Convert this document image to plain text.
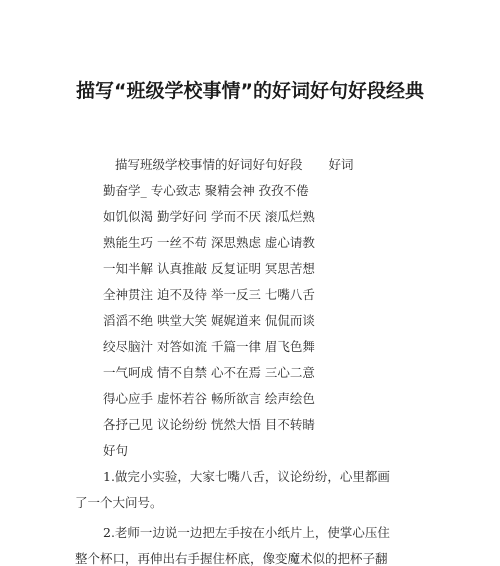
描写“班级学校事情”的好词好句好段经典
描写班级学校事情的好词好句好段 好词
勤奋学_ 专心致志 聚精会神 孜孜不倦
如饥似渴 勤学好问 学而不厌 滚瓜烂熟
熟能生巧 一丝不苟 深思熟虑 虚心请教
一知半解 认真推敲 反复证明 冥思苦想
全神贯注 迫不及待 举一反三 七嘴八舌
滔滔不绝 哄堂大笑 娓娓道来 侃侃而谈
绞尽脑汁 对答如流 千篇一律 眉飞色舞
一气呵成 情不自禁 心不在焉 三心二意
得心应手 虚怀若谷 畅所欲言 绘声绘色
各抒己见 议论纷纷 恍然大悟 目不转睛
好句
1.做完小实验，大家七嘴八舌，议论纷纷，心里都画
了一个大问号。
2.老师一边说一边把左手按在小纸片上，使掌心压住
整个杯口，再伸出右手握住杯底，像变魔术似的把杯子翻
